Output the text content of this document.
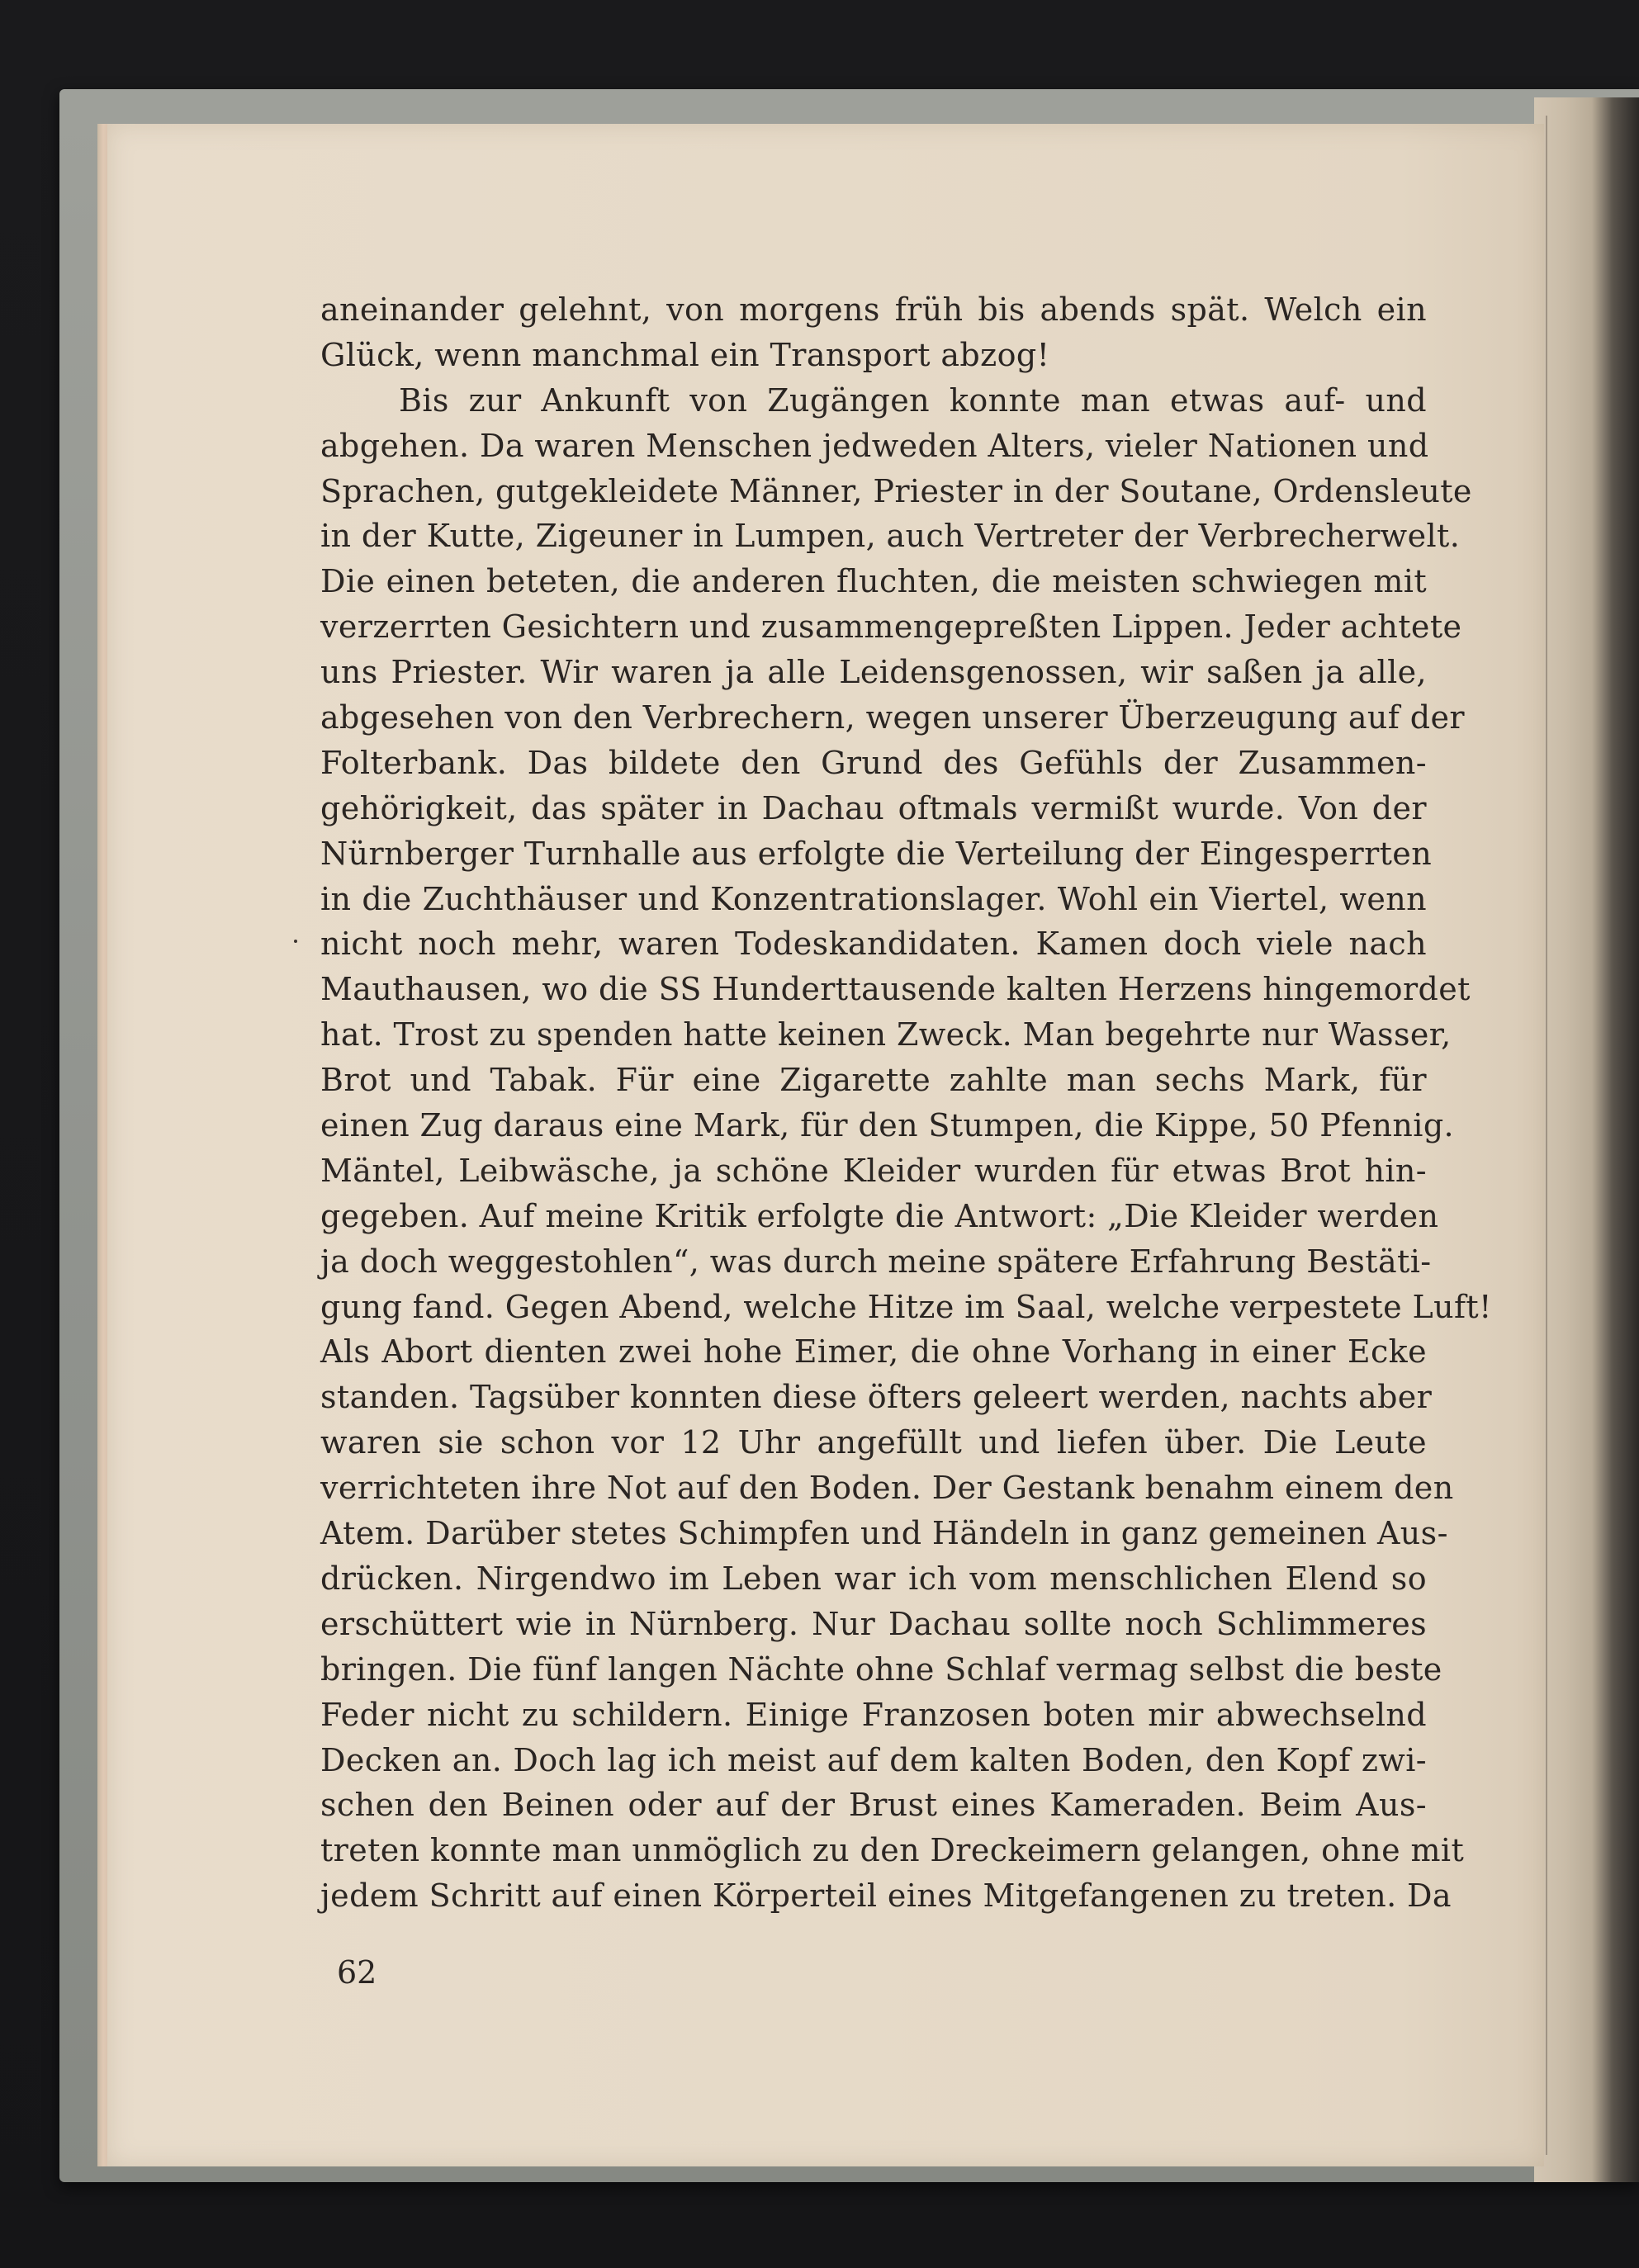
aneinander gelehnt, von morgens früh bis abends spät. Welch ein
Glück, wenn manchmal ein Transport abzog!
Bis zur Ankunft von Zugängen konnte man etwas auf- und
abgehen. Da waren Menschen jedweden Alters, vieler Nationen und
Sprachen, gutgekleidete Männer, Priester in der Soutane, Ordensleute
in der Kutte, Zigeuner in Lumpen, auch Vertreter der Verbrecherwelt.
Die einen beteten, die anderen fluchten, die meisten schwiegen mit
verzerrten Gesichtern und zusammengepreßten Lippen. Jeder achtete
uns Priester. Wir waren ja alle Leidensgenossen, wir saßen ja alle,
abgesehen von den Verbrechern, wegen unserer Überzeugung auf der
Folterbank. Das bildete den Grund des Gefühls der Zusammen-
gehörigkeit, das später in Dachau oftmals vermißt wurde. Von der
Nürnberger Turnhalle aus erfolgte die Verteilung der Eingesperrten
in die Zuchthäuser und Konzentrationslager. Wohl ein Viertel, wenn
nicht noch mehr, waren Todeskandidaten. Kamen doch viele nach
Mauthausen, wo die SS Hunderttausende kalten Herzens hingemordet
hat. Trost zu spenden hatte keinen Zweck. Man begehrte nur Wasser,
Brot und Tabak. Für eine Zigarette zahlte man sechs Mark, für
einen Zug daraus eine Mark, für den Stumpen, die Kippe, 50 Pfennig.
Mäntel, Leibwäsche, ja schöne Kleider wurden für etwas Brot hin-
gegeben. Auf meine Kritik erfolgte die Antwort: „Die Kleider werden
ja doch weggestohlen“, was durch meine spätere Erfahrung Bestäti-
gung fand. Gegen Abend, welche Hitze im Saal, welche verpestete Luft!
Als Abort dienten zwei hohe Eimer, die ohne Vorhang in einer Ecke
standen. Tagsüber konnten diese öfters geleert werden, nachts aber
waren sie schon vor 12 Uhr angefüllt und liefen über. Die Leute
verrichteten ihre Not auf den Boden. Der Gestank benahm einem den
Atem. Darüber stetes Schimpfen und Händeln in ganz gemeinen Aus-
drücken. Nirgendwo im Leben war ich vom menschlichen Elend so
erschüttert wie in Nürnberg. Nur Dachau sollte noch Schlimmeres
bringen. Die fünf langen Nächte ohne Schlaf vermag selbst die beste
Feder nicht zu schildern. Einige Franzosen boten mir abwechselnd
Decken an. Doch lag ich meist auf dem kalten Boden, den Kopf zwi-
schen den Beinen oder auf der Brust eines Kameraden. Beim Aus-
treten konnte man unmöglich zu den Dreckeimern gelangen, ohne mit
jedem Schritt auf einen Körperteil eines Mitgefangenen zu treten. Da
62
